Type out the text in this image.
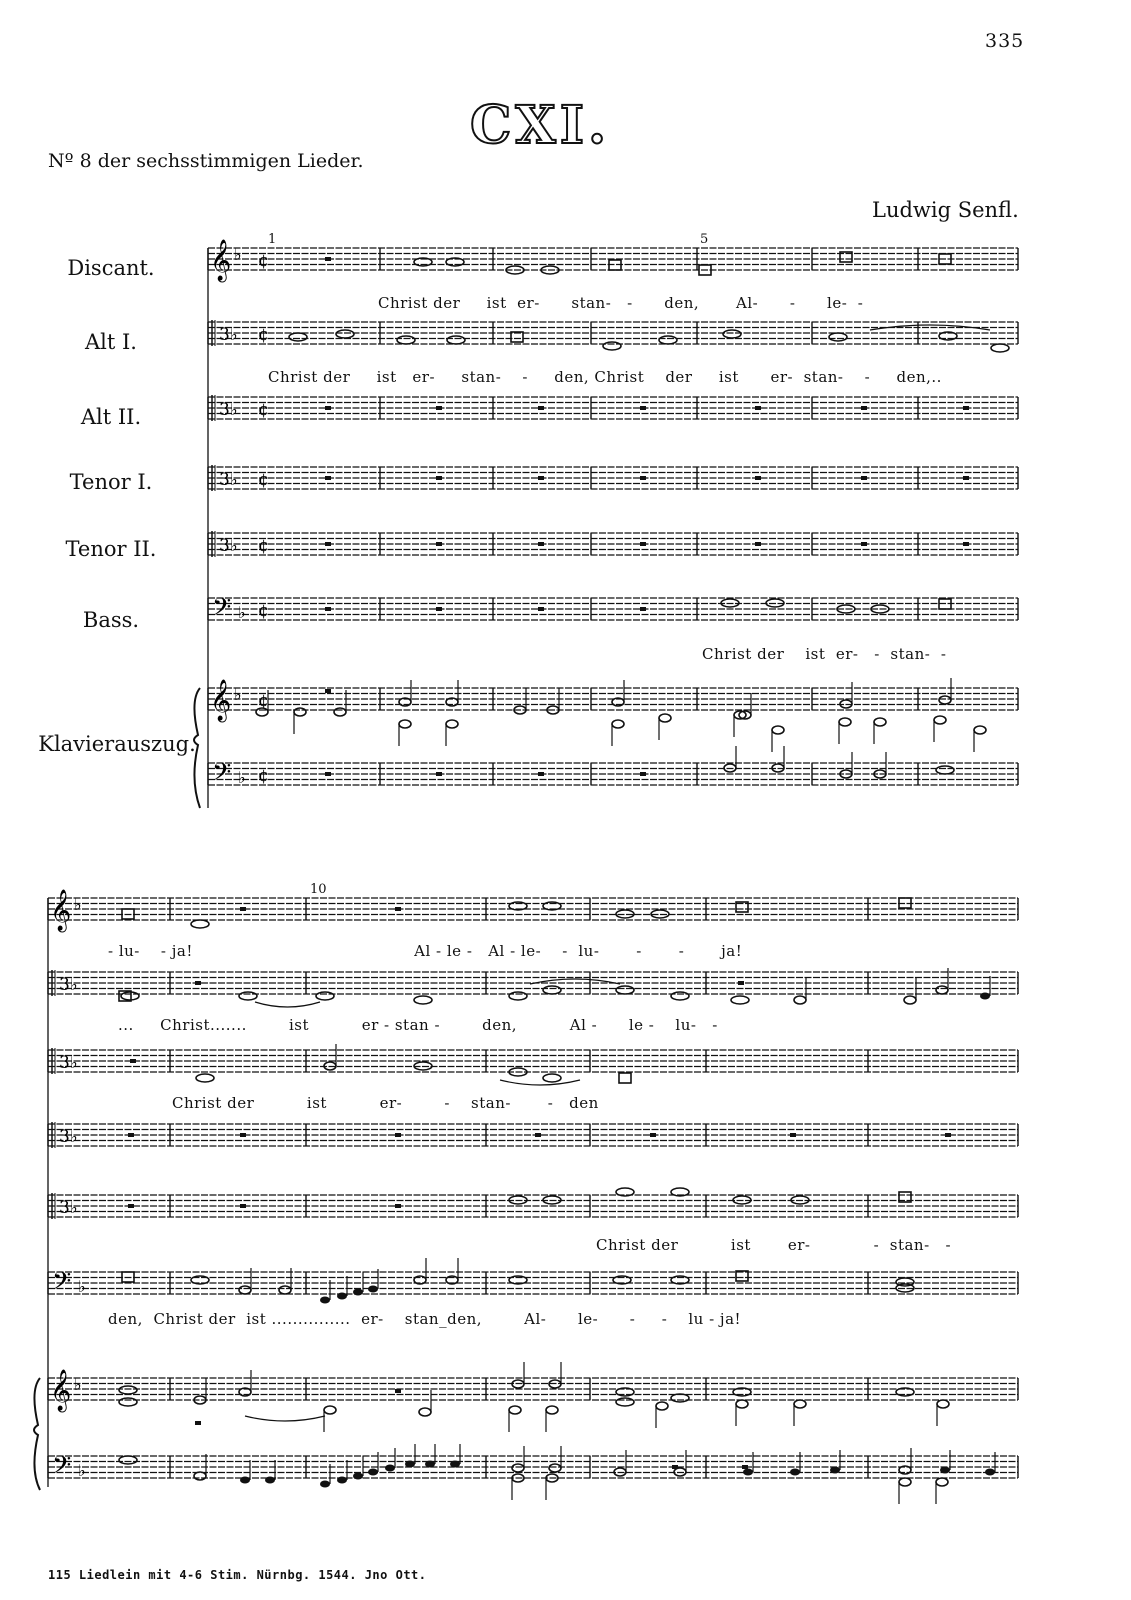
335
CXI.
Nº 8 der sechsstimmigen Lieder.
Ludwig Senfl.
Discant.
Alt I.
Alt II.
Tenor I.
Tenor II.
Bass.
Klavierauszug.
1	5
10
Christ der     ist  er-      stan-   -      den,       Al-      -      le-  -
Christ der     ist   er-     stan-    -     den, Christ    der     ist      er-  stan-    -     den,..
Christ der    ist  er-   -  stan-  -
- lu-    - ja!                                          Al - le -   Al - le-    -  lu-       -       -       ja!
...     Christ.......        ist          er - stan -        den,          Al -      le -    lu-   -
Christ der          ist          er-        -    stan-       -   den
Christ der          ist       er-            -  stan-   -
den,  Christ der  ist ...............  er-    stan_den,        Al-      le-      -     -    lu - ja!
115 Liedlein mit 4-6 Stim. Nürnbg. 1544. Jno Ott.
𝄞 ♭ ¢
3 ♭ ¢
3 ♭ ¢
3 ♭ ¢
3 ♭ ¢
𝄢 ♭ ¢
𝄞 ♭ ¢
𝄢 ♭ ¢
𝄞 ♭
3 ♭
3 ♭
3 ♭
3 ♭
𝄢 ♭
𝄞 ♭
𝄢 ♭
